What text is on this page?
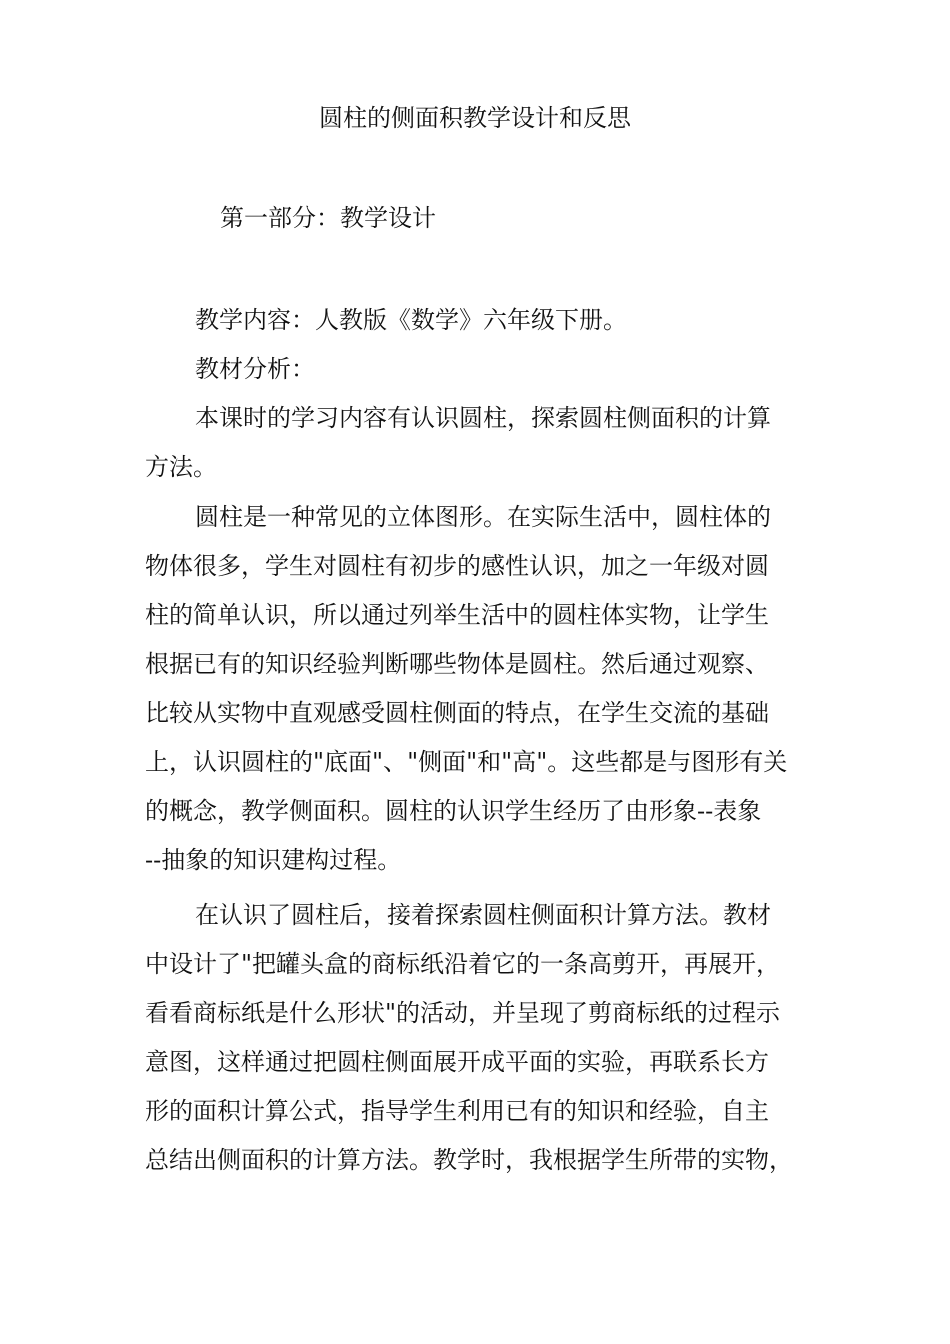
圆柱的侧面积教学设计和反思
第一部分：教学设计
教学内容：人教版《数学》六年级下册。
教材分析：
本课时的学习内容有认识圆柱，探索圆柱侧面积的计算
方法。
圆柱是一种常见的立体图形。在实际生活中，圆柱体的
物体很多，学生对圆柱有初步的感性认识，加之一年级对圆
柱的简单认识，所以通过列举生活中的圆柱体实物，让学生
根据已有的知识经验判断哪些物体是圆柱。然后通过观察、
比较从实物中直观感受圆柱侧面的特点，在学生交流的基础
上，认识圆柱的"底面"、"侧面"和"高"。这些都是与图形有关
的概念，教学侧面积。圆柱的认识学生经历了由形象--表象
--抽象的知识建构过程。
在认识了圆柱后，接着探索圆柱侧面积计算方法。教材
中设计了"把罐头盒的商标纸沿着它的一条高剪开，再展开，
看看商标纸是什么形状"的活动，并呈现了剪商标纸的过程示
意图，这样通过把圆柱侧面展开成平面的实验，再联系长方
形的面积计算公式，指导学生利用已有的知识和经验，自主
总结出侧面积的计算方法。教学时，我根据学生所带的实物，
